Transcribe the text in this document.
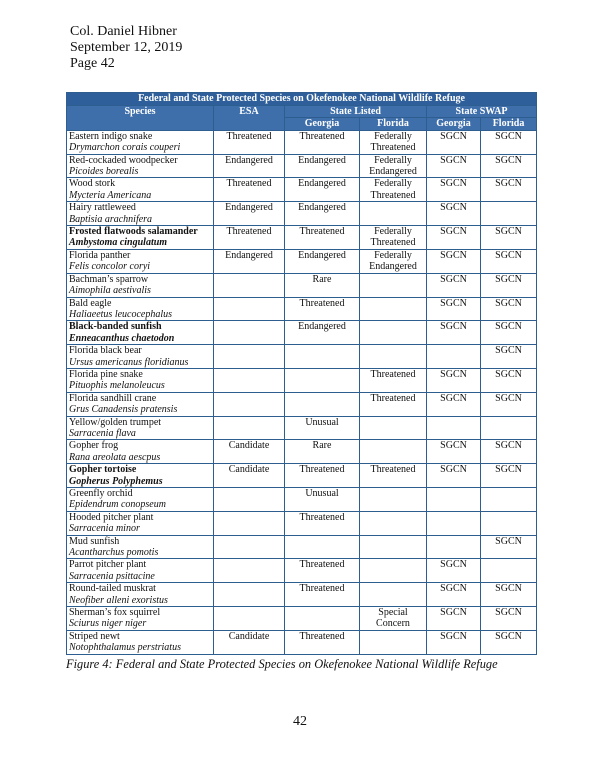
Col. Daniel Hibner
September 12, 2019
Page 42
Federal and State Protected Species on Okefenokee National Wildlife Refuge					
Species	ESA	State Listed		State SWAP	
		Georgia	Florida	Georgia	Florida

Eastern indigo snake
Drymarchon corais couperi	Threatened	Threatened	Federally Threatened	SGCN	SGCN

Red-cockaded woodpecker
Picoides borealis	Endangered	Endangered	Federally Endangered	SGCN	SGCN

Wood stork
Mycteria Americana	Threatened	Endangered	Federally Threatened	SGCN	SGCN

Hairy rattleweed
Baptisia arachnifera	Endangered	Endangered		SGCN	

Frosted flatwoods salamander
Ambystoma cingulatum	Threatened	Threatened	Federally Threatened	SGCN	SGCN

Florida panther
Felis concolor coryi	Endangered	Endangered	Federally Endangered	SGCN	SGCN

Bachman’s sparrow
Aimophila aestivalis		Rare		SGCN	SGCN

Bald eagle
Haliaeetus leucocephalus		Threatened		SGCN	SGCN

Black-banded sunfish
Enneacanthus chaetodon		Endangered		SGCN	SGCN

Florida black bear
Ursus americanus floridianus					SGCN

Florida pine snake
Pituophis melanoleucus			Threatened	SGCN	SGCN

Florida sandhill crane
Grus Canadensis pratensis			Threatened	SGCN	SGCN

Yellow/golden trumpet
Sarracenia flava		Unusual			

Gopher frog
Rana areolata aescpus	Candidate	Rare		SGCN	SGCN

Gopher tortoise
Gopherus Polyphemus	Candidate	Threatened	Threatened	SGCN	SGCN

Greenfly orchid
Epidendrum conopseum		Unusual			

Hooded pitcher plant
Sarracenia minor		Threatened			

Mud sunfish
Acantharchus pomotis					SGCN

Parrot pitcher plant
Sarracenia psittacine		Threatened		SGCN	

Round-tailed muskrat
Neofiber alleni exoristus		Threatened		SGCN	SGCN

Sherman’s fox squirrel
Sciurus niger niger			Special Concern	SGCN	SGCN

Striped newt
Notophthalamus perstriatus	Candidate	Threatened		SGCN	SGCN
Figure 4: Federal and State Protected Species on Okefenokee National Wildlife Refuge
42
